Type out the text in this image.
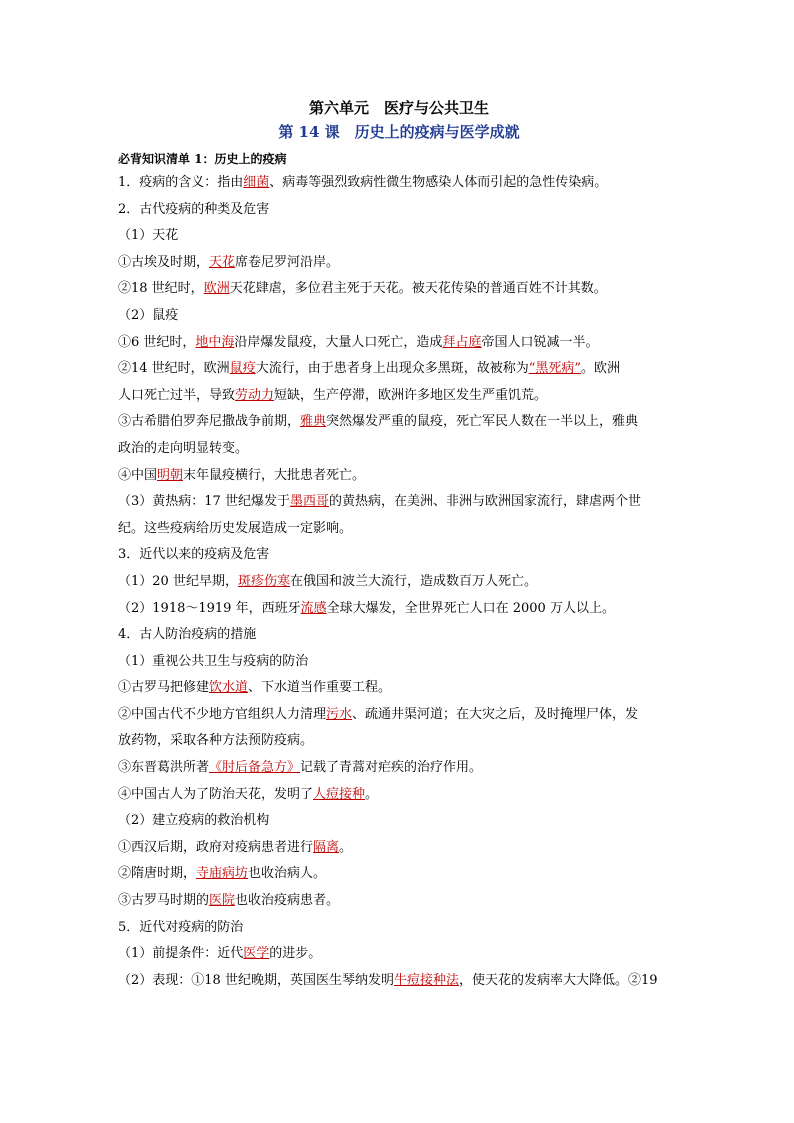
第六单元　医疗与公共卫生
第 14 课　历史上的疫病与医学成就

必背知识清单 1：历史上的疫病

1．疫病的含义：指由细菌、病毒等强烈致病性微生物感染人体而引起的急性传染病。

2．古代疫病的种类及危害

（1）天花

①古埃及时期，天花席卷尼罗河沿岸。

②18 世纪时，欧洲天花肆虐，多位君主死于天花。被天花传染的普通百姓不计其数。

（2）鼠疫

①6 世纪时，地中海沿岸爆发鼠疫，大量人口死亡，造成拜占庭帝国人口锐减一半。

②14 世纪时，欧洲鼠疫大流行，由于患者身上出现众多黑斑，故被称为“黑死病”。欧洲

人口死亡过半，导致劳动力短缺，生产停滞，欧洲许多地区发生严重饥荒。

③古希腊伯罗奔尼撒战争前期，雅典突然爆发严重的鼠疫，死亡军民人数在一半以上，雅典

政治的走向明显转变。

④中国明朝末年鼠疫横行，大批患者死亡。

（3）黄热病：17 世纪爆发于墨西哥的黄热病，在美洲、非洲与欧洲国家流行，肆虐两个世

纪。这些疫病给历史发展造成一定影响。

3．近代以来的疫病及危害

（1）20 世纪早期，斑疹伤寒在俄国和波兰大流行，造成数百万人死亡。

（2）1918～1919 年，西班牙流感全球大爆发，全世界死亡人口在 2000 万人以上。

4．古人防治疫病的措施

（1）重视公共卫生与疫病的防治

①古罗马把修建饮水道、下水道当作重要工程。

②中国古代不少地方官组织人力清理污水、疏通井渠河道；在大灾之后，及时掩埋尸体，发

放药物，采取各种方法预防疫病。

③东晋葛洪所著《肘后备急方》记载了青蒿对疟疾的治疗作用。

④中国古人为了防治天花，发明了人痘接种。

（2）建立疫病的救治机构

①西汉后期，政府对疫病患者进行隔离。

②隋唐时期，寺庙病坊也收治病人。

③古罗马时期的医院也收治疫病患者。

5．近代对疫病的防治

（1）前提条件：近代医学的进步。

（2）表现：①18 世纪晚期，英国医生琴纳发明牛痘接种法，使天花的发病率大大降低。②19
